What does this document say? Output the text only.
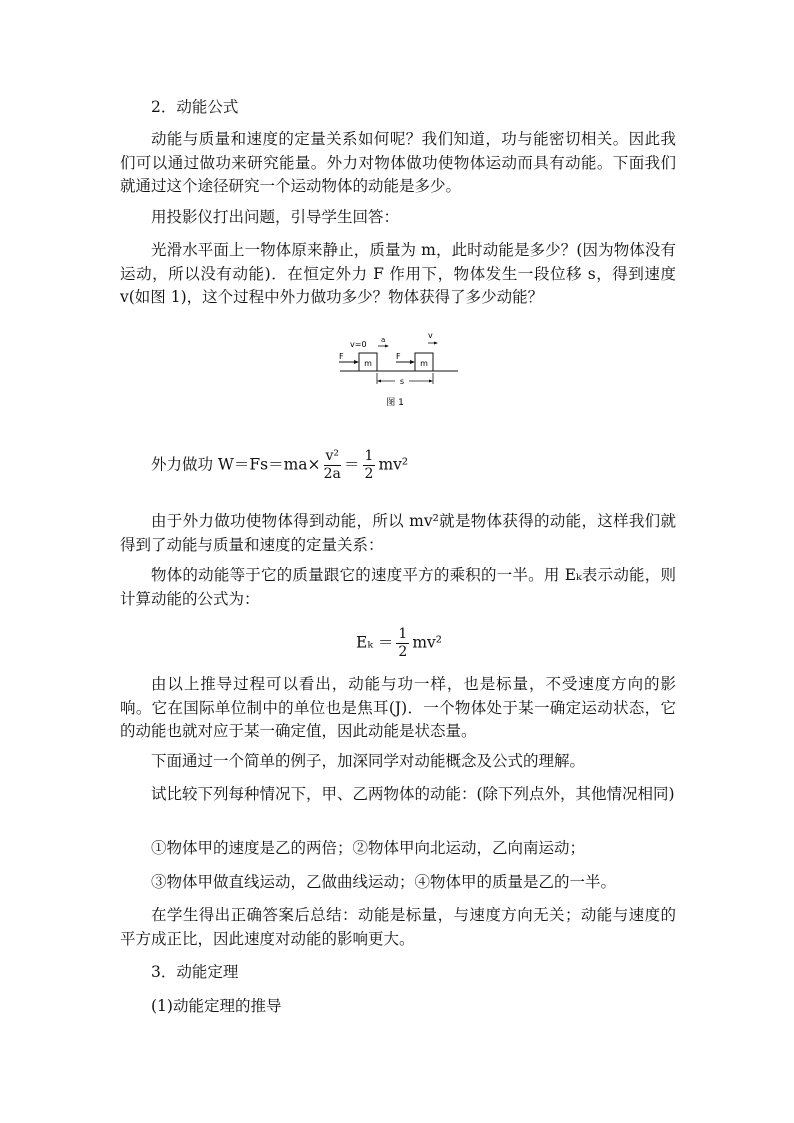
2．动能公式
动能与质量和速度的定量关系如何呢？我们知道，功与能密切相关。因此我们可以通过做功来研究能量。外力对物体做功使物体运动而具有动能。下面我们就通过这个途径研究一个运动物体的动能是多少。
用投影仪打出问题，引导学生回答：
光滑水平面上一物体原来静止，质量为 m，此时动能是多少？(因为物体没有运动，所以没有动能)．在恒定外力 F 作用下，物体发生一段位移 s，得到速度 v(如图 1)，这个过程中外力做功多少？物体获得了多少动能？
m	m
F	F
v=0 a	v
s
图 1
外力做功 $W=Fs=ma\times \frac{\text{v²}}{2a} = \frac{1}{2} mv^2$
由于外力做功使物体得到动能，所以 mv²就是物体获得的动能，这样我们就得到了动能与质量和速度的定量关系：
物体的动能等于它的质量跟它的速度平方的乘积的一半。用 Eₖ表示动能，则计算动能的公式为：
$E_k = \frac{1}{2} mv^2$
由以上推导过程可以看出，动能与功一样，也是标量，不受速度方向的影响。它在国际单位制中的单位也是焦耳(J)．一个物体处于某一确定运动状态，它的动能也就对应于某一确定值，因此动能是状态量。
下面通过一个简单的例子，加深同学对动能概念及公式的理解。
试比较下列每种情况下，甲、乙两物体的动能：(除下列点外，其他情况相同)
①物体甲的速度是乙的两倍；②物体甲向北运动，乙向南运动；
③物体甲做直线运动，乙做曲线运动；④物体甲的质量是乙的一半。
在学生得出正确答案后总结：动能是标量，与速度方向无关；动能与速度的平方成正比，因此速度对动能的影响更大。
3．动能定理
(1)动能定理的推导
